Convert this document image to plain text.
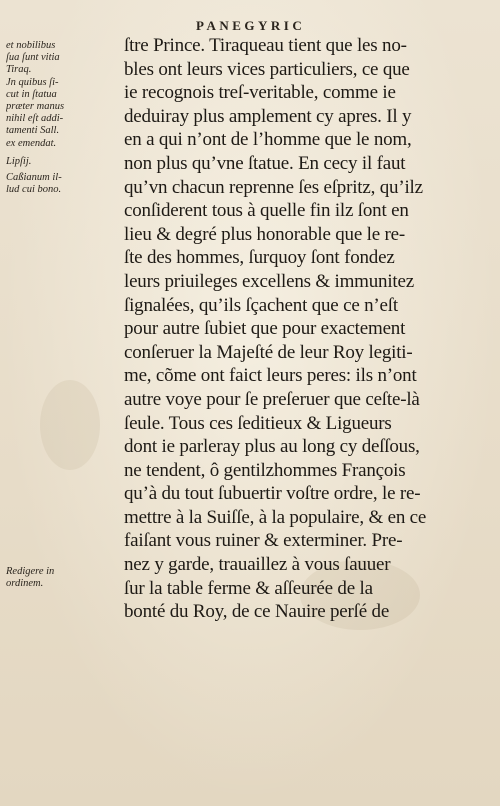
PANEGYRIC
et nobilibus
ſua ſunt vitia
Tiraq.
Jn quibus ſi-
cut in ſtatua
præter manus
nihil eſt addi-
tamenti Sall.
ex emendat.
Lipſij.
Caßianum il-
lud cui bono.
Redigere in
ordinem.
ſtre Prince. Tiraqueau tient que les no-
bles ont leurs vices particuliers, ce que
ie recognois treſ-veritable, comme ie
deduiray plus amplement cy apres. Il y
en a qui n’ont de l’homme que le nom,
non plus qu’vne ſtatue. En cecy il faut
qu’vn chacun reprenne ſes eſpritz, qu’ilz
conſiderent tous à quelle fin ilz ſont en
lieu & degré plus honorable que le re-
ſte des hommes, ſurquoy ſont fondez
leurs priuileges excellens & immunitez
ſignalées, qu’ils ſçachent que ce n’eſt
pour autre ſubiet que pour exactement
conſeruer la Majeſté de leur Roy legiti-
me, cõme ont faict leurs peres: ils n’ont
autre voye pour ſe preſeruer que ceſte-là
ſeule. Tous ces ſeditieux & Ligueurs
dont ie parleray plus au long cy deſſous,
ne tendent, ô gentilzhommes François
qu’à du tout ſubuertir voſtre ordre, le re-
mettre à la Suiſſe, à la populaire, & en ce
faiſant vous ruiner & exterminer. Pre-
nez y garde, trauaillez à vous ſauuer
ſur la table ferme & aſſeurée de la
bonté du Roy, de ce Nauire perſé de
